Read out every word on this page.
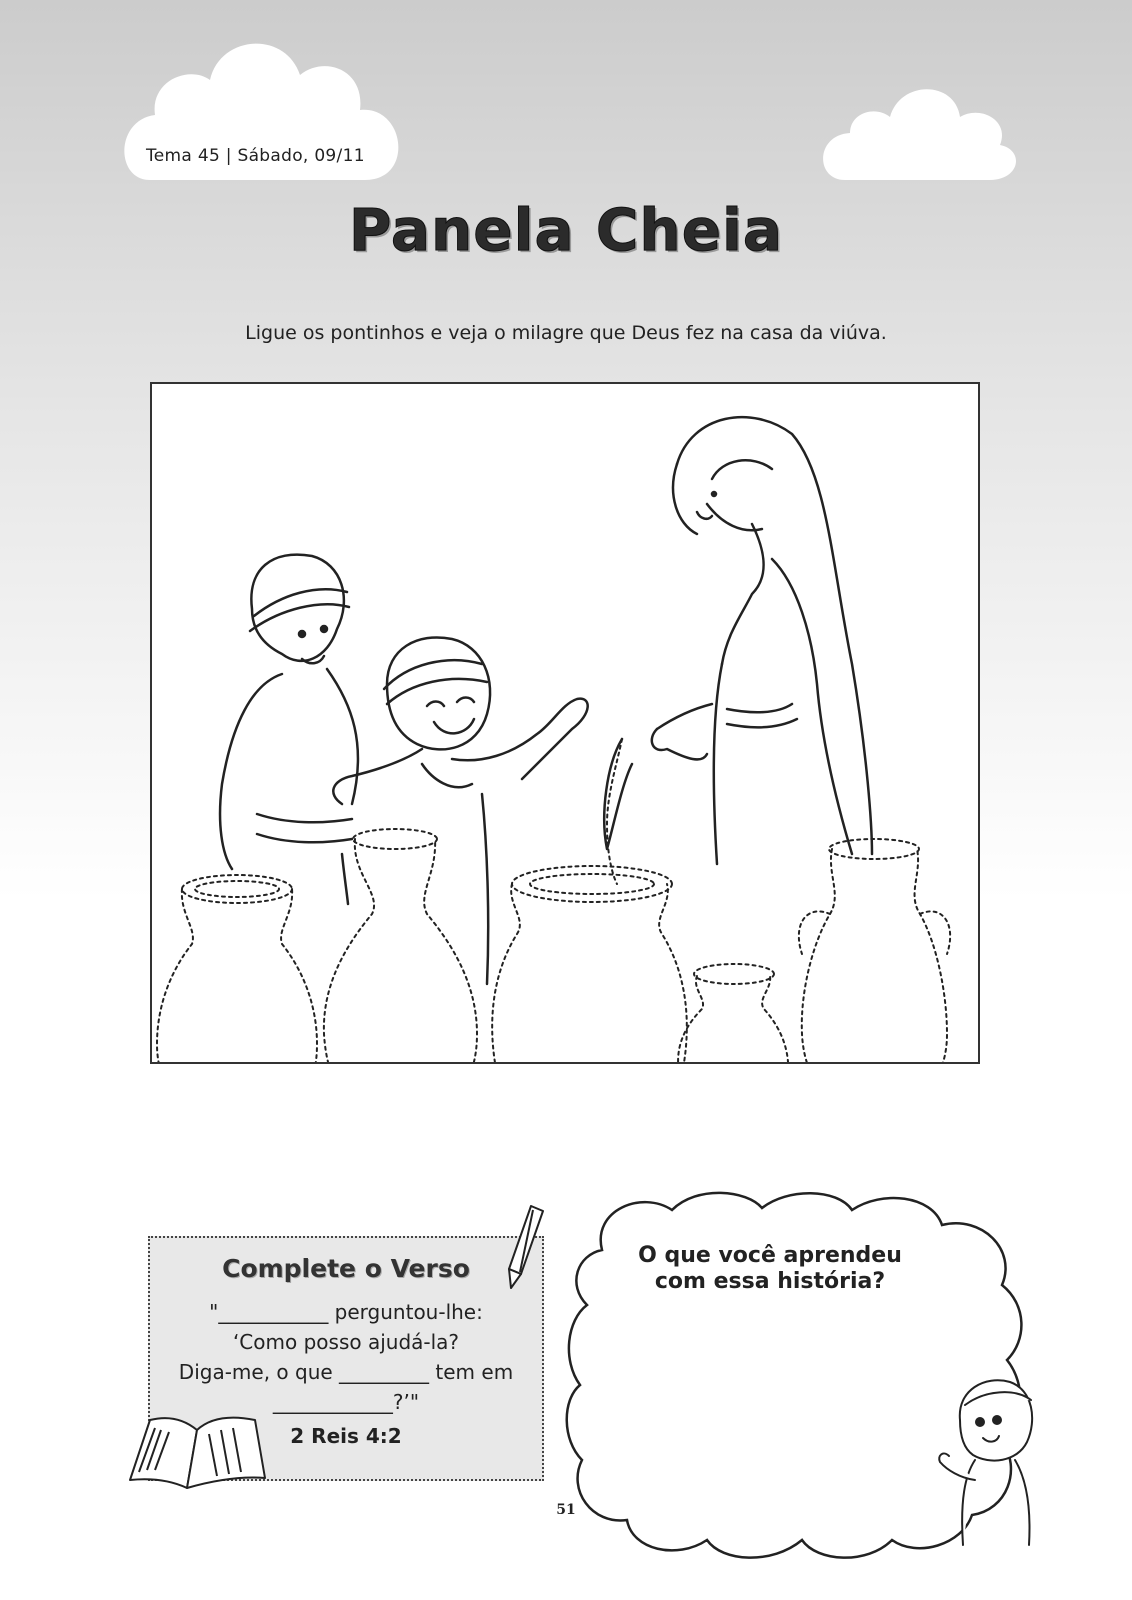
Tema 45 | Sábado, 09/11
Panela Cheia
Ligue os pontinhos e veja o milagre que Deus fez na casa da viúva.
Complete o Verso
"___________ perguntou-lhe:
‘Como posso ajudá-la?
Diga-me, o que _________ tem em
____________?’"
2 Reis 4:2
O que você aprendeu com essa história?
51
